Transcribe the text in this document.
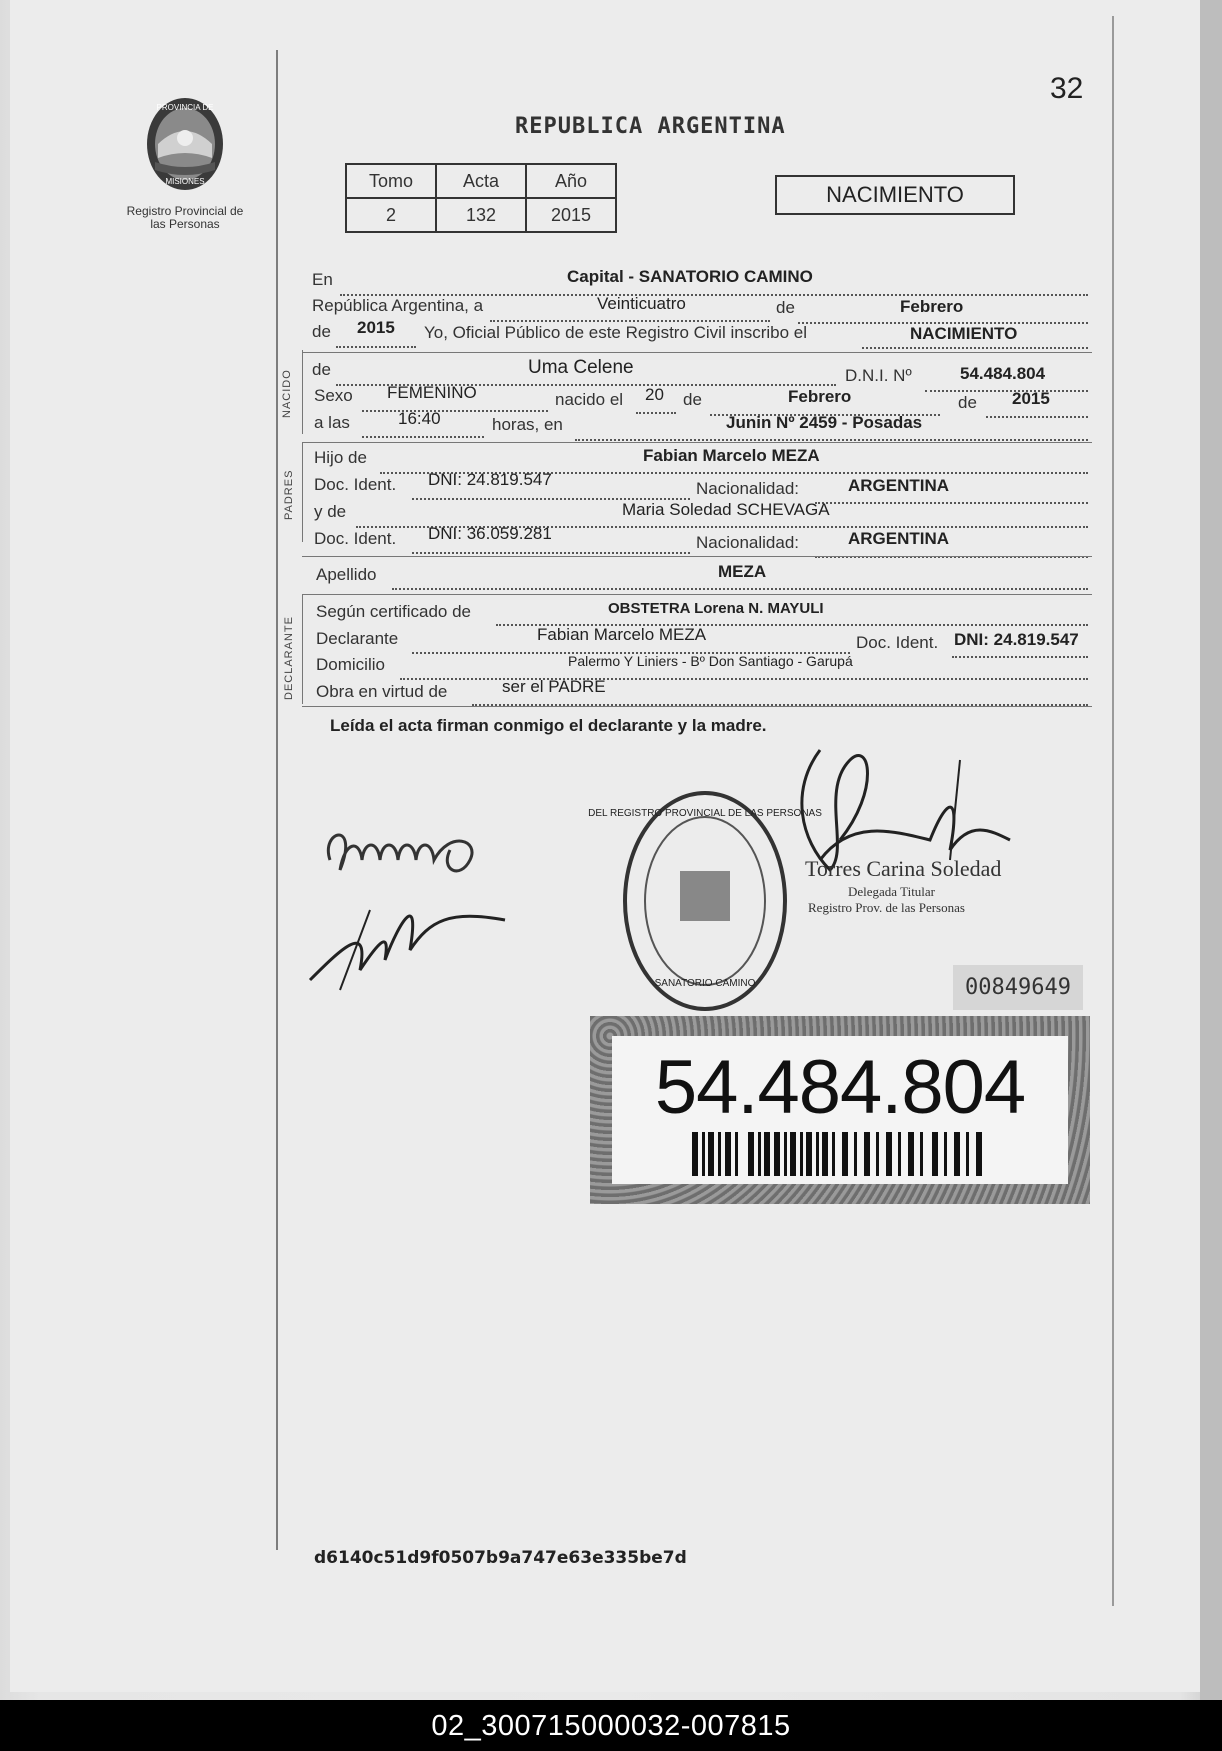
PROVINCIA DE
MISIONES
Registro Provincial de las Personas
32
REPUBLICA ARGENTINA
Tomo	Acta	Año
2	132	2015
NACIMIENTO
En	Capital - SANATORIO CAMINO
República Argentina, a	Veinticuatro	de	Febrero
de 2015 Yo, Oficial Público de este Registro Civil inscribo el	NACIMIENTO
NACIDO de	Uma Celene	D.N.I. Nº	54.484.804
Sexo FEMENINO	nacido el 20 de	Febrero	de 2015
a las	16:40	horas, en	Junin Nº 2459 - Posadas
PADRES
Hijo de	Fabian Marcelo MEZA
Doc. Ident. DNI: 24.819.547	Nacionalidad:	ARGENTINA
y de	Maria Soledad SCHEVAGA
Doc. Ident. DNI: 36.059.281	Nacionalidad:	ARGENTINA
Apellido	MEZA
DECLARANTE
Según certificado de	OBSTETRA Lorena N. MAYULI
Declarante	Fabian Marcelo MEZA	Doc. Ident. DNI: 24.819.547
Domicilio	Palermo Y Liniers - Bº Don Santiago - Garupá
Obra en virtud de	ser el PADRE
Leída el acta firman conmigo el declarante y la madre.
DEL REGISTRO PROVINCIAL DE LAS PERSONAS
SANATORIO CAMINO
Torres Carina Soledad
Delegada Titular
Registro Prov. de las Personas
00849649
54.484.804
d6140c51d9f0507b9a747e63e335be7d
02_300715000032-007815
